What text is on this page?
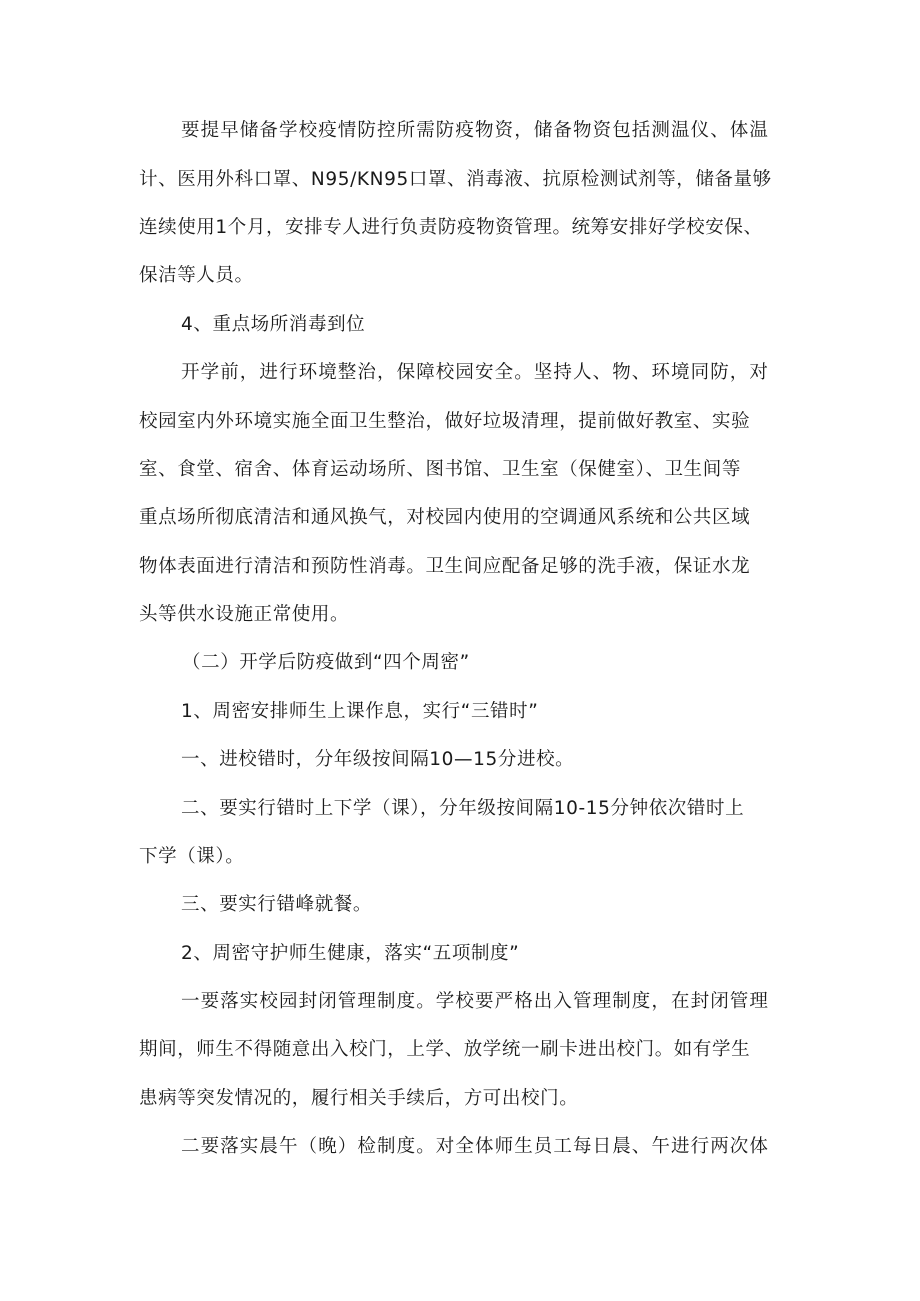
要提早储备学校疫情防控所需防疫物资，储备物资包括测温仪、体温
计、医用外科口罩、N95/KN95口罩、消毒液、抗原检测试剂等，储备量够
连续使用1个月，安排专人进行负责防疫物资管理。统筹安排好学校安保、
保洁等人员。
4、重点场所消毒到位
开学前，进行环境整治，保障校园安全。坚持人、物、环境同防，对
校园室内外环境实施全面卫生整治，做好垃圾清理，提前做好教室、实验
室、食堂、宿舍、体育运动场所、图书馆、卫生室（保健室）、卫生间等
重点场所彻底清洁和通风换气，对校园内使用的空调通风系统和公共区域
物体表面进行清洁和预防性消毒。卫生间应配备足够的洗手液，保证水龙
头等供水设施正常使用。
（二）开学后防疫做到“四个周密”
1、周密安排师生上课作息，实行“三错时”
一、进校错时，分年级按间隔10—15分进校。
二、要实行错时上下学（课），分年级按间隔10-15分钟依次错时上
下学（课）。
三、要实行错峰就餐。
2、周密守护师生健康，落实“五项制度”
一要落实校园封闭管理制度。学校要严格出入管理制度，在封闭管理
期间，师生不得随意出入校门，上学、放学统一刷卡进出校门。如有学生
患病等突发情况的，履行相关手续后，方可出校门。
二要落实晨午（晚）检制度。对全体师生员工每日晨、午进行两次体
